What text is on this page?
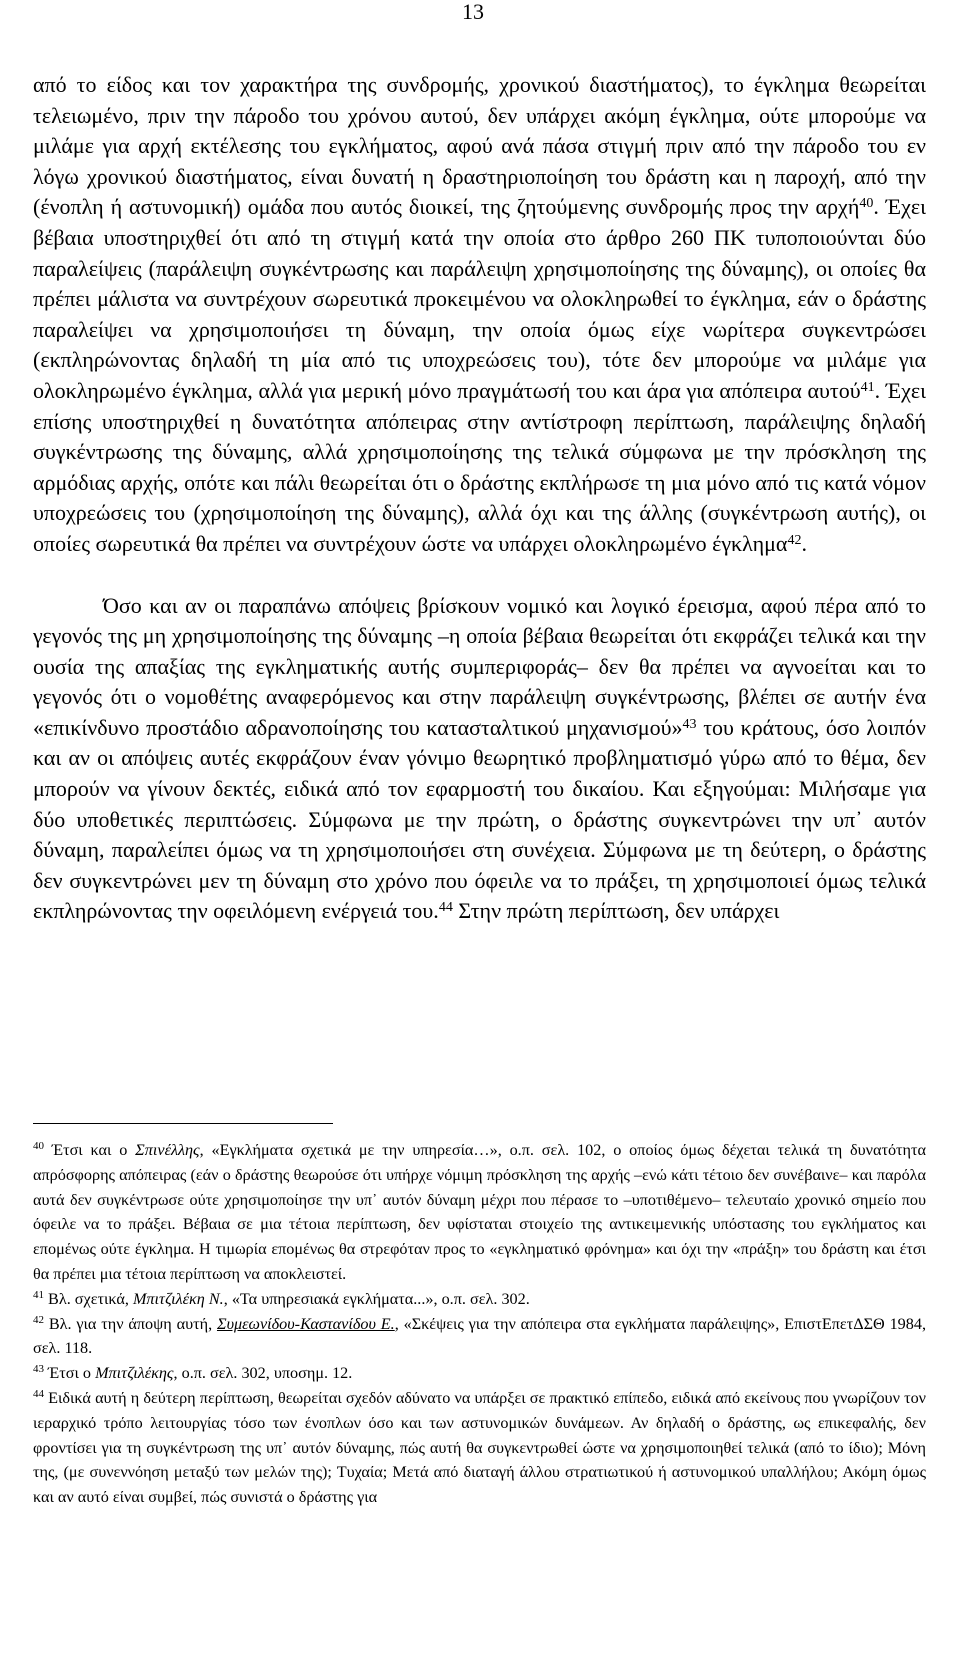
13

από το είδος και τον χαρακτήρα της συνδρομής, χρονικού διαστήματος), το έγκλημα θεωρείται τελειωμένο, πριν την πάροδο του χρόνου αυτού, δεν υπάρχει ακόμη έγκλημα, ούτε μπορούμε να μιλάμε για αρχή εκτέλεσης του εγκλήματος, αφού ανά πάσα στιγμή πριν από την πάροδο του εν λόγω χρονικού διαστήματος, είναι δυνατή η δραστηριοποίηση του δράστη και η παροχή, από την (ένοπλη ή αστυνομική) ομάδα που αυτός διοικεί, της ζητούμενης συνδρομής προς την αρχή$^{40}$. Έχει βέβαια υποστηριχθεί ότι από τη στιγμή κατά την οποία στο άρθρο 260 ΠΚ τυποποιούνται δύο παραλείψεις (παράλειψη συγκέντρωσης και παράλειψη χρησιμοποίησης της δύναμης), οι οποίες θα πρέπει μάλιστα να συντρέχουν σωρευτικά προκειμένου να ολοκληρωθεί το έγκλημα, εάν ο δράστης παραλείψει να χρησιμοποιήσει τη δύναμη, την οποία όμως είχε νωρίτερα συγκεντρώσει (εκπληρώνοντας δηλαδή τη μία από τις υποχρεώσεις του), τότε δεν μπορούμε να μιλάμε για ολοκληρωμένο έγκλημα, αλλά για μερική μόνο πραγμάτωσή του και άρα για απόπειρα αυτού$^{41}$. Έχει επίσης υποστηριχθεί η δυνατότητα απόπειρας στην αντίστροφη περίπτωση, παράλειψης δηλαδή συγκέντρωσης της δύναμης, αλλά χρησιμοποίησης της τελικά σύμφωνα με την πρόσκληση της αρμόδιας αρχής, οπότε και πάλι θεωρείται ότι ο δράστης εκπλήρωσε τη μια μόνο από τις κατά νόμον υποχρεώσεις του (χρησιμοποίηση της δύναμης), αλλά όχι και της άλλης (συγκέντρωση αυτής), οι οποίες σωρευτικά θα πρέπει να συντρέχουν ώστε να υπάρχει ολοκληρωμένο έγκλημα$^{42}$.

Όσο και αν οι παραπάνω απόψεις βρίσκουν νομικό και λογικό έρεισμα, αφού πέρα από το γεγονός της μη χρησιμοποίησης της δύναμης –η οποία βέβαια θεωρείται ότι εκφράζει τελικά και την ουσία της απαξίας της εγκληματικής αυτής συμπεριφοράς– δεν θα πρέπει να αγνοείται και το γεγονός ότι ο νομοθέτης αναφερόμενος και στην παράλειψη συγκέντρωσης, βλέπει σε αυτήν ένα «επικίνδυνο προστάδιο αδρανοποίησης του κατασταλτικού μηχανισμού»$^{43}$ του κράτους, όσο λοιπόν και αν οι απόψεις αυτές εκφράζουν έναν γόνιμο θεωρητικό προβληματισμό γύρω από το θέμα, δεν μπορούν να γίνουν δεκτές, ειδικά από τον εφαρμοστή του δικαίου. Και εξηγούμαι: Μιλήσαμε για δύο υποθετικές περιπτώσεις. Σύμφωνα με την πρώτη, ο δράστης συγκεντρώνει την υπ᾽ αυτόν δύναμη, παραλείπει όμως να τη χρησιμοποιήσει στη συνέχεια. Σύμφωνα με τη δεύτερη, ο δράστης δεν συγκεντρώνει μεν τη δύναμη στο χρόνο που όφειλε να το πράξει, τη χρησιμοποιεί όμως τελικά εκπληρώνοντας την οφειλόμενη ενέργειά του.$^{44}$ Στην πρώτη περίπτωση, δεν υπάρχει

$^{40}$ Έτσι και ο Σπινέλλης, «Εγκλήματα σχετικά με την υπηρεσία…», ο.π. σελ. 102, ο οποίος όμως δέχεται τελικά τη δυνατότητα απρόσφορης απόπειρας (εάν ο δράστης θεωρούσε ότι υπήρχε νόμιμη πρόσκληση της αρχής –ενώ κάτι τέτοιο δεν συνέβαινε– και παρόλα αυτά δεν συγκέντρωσε ούτε χρησιμοποίησε την υπ᾽ αυτόν δύναμη μέχρι που πέρασε το –υποτιθέμενο– τελευταίο χρονικό σημείο που όφειλε να το πράξει. Βέβαια σε μια τέτοια περίπτωση, δεν υφίσταται στοιχείο της αντικειμενικής υπόστασης του εγκλήματος και επομένως ούτε έγκλημα. Η τιμωρία επομένως θα στρεφόταν προς το «εγκληματικό φρόνημα» και όχι την «πράξη» του δράστη και έτσι θα πρέπει μια τέτοια περίπτωση να αποκλειστεί.

$^{41}$ Βλ. σχετικά, Μπιτζιλέκη Ν., «Τα υπηρεσιακά εγκλήματα...», ο.π. σελ. 302.

$^{42}$ Βλ. για την άποψη αυτή, Συμεωνίδου-Καστανίδου Ε., «Σκέψεις για την απόπειρα στα εγκλήματα παράλειψης», ΕπιστΕπετΔΣΘ 1984, σελ. 118.

$^{43}$ Έτσι ο Μπιτζιλέκης, ο.π. σελ. 302, υποσημ. 12.

$^{44}$ Ειδικά αυτή η δεύτερη περίπτωση, θεωρείται σχεδόν αδύνατο να υπάρξει σε πρακτικό επίπεδο, ειδικά από εκείνους που γνωρίζουν τον ιεραρχικό τρόπο λειτουργίας τόσο των ένοπλων όσο και των αστυνομικών δυνάμεων. Αν δηλαδή ο δράστης, ως επικεφαλής, δεν φροντίσει για τη συγκέντρωση της υπ᾽ αυτόν δύναμης, πώς αυτή θα συγκεντρωθεί ώστε να χρησιμοποιηθεί τελικά (από το ίδιο); Μόνη της, (με συνεννόηση μεταξύ των μελών της); Τυχαία; Μετά από διαταγή άλλου στρατιωτικού ή αστυνομικού υπαλλήλου; Ακόμη όμως και αν αυτό είναι συμβεί, πώς συνιστά ο δράστης για
